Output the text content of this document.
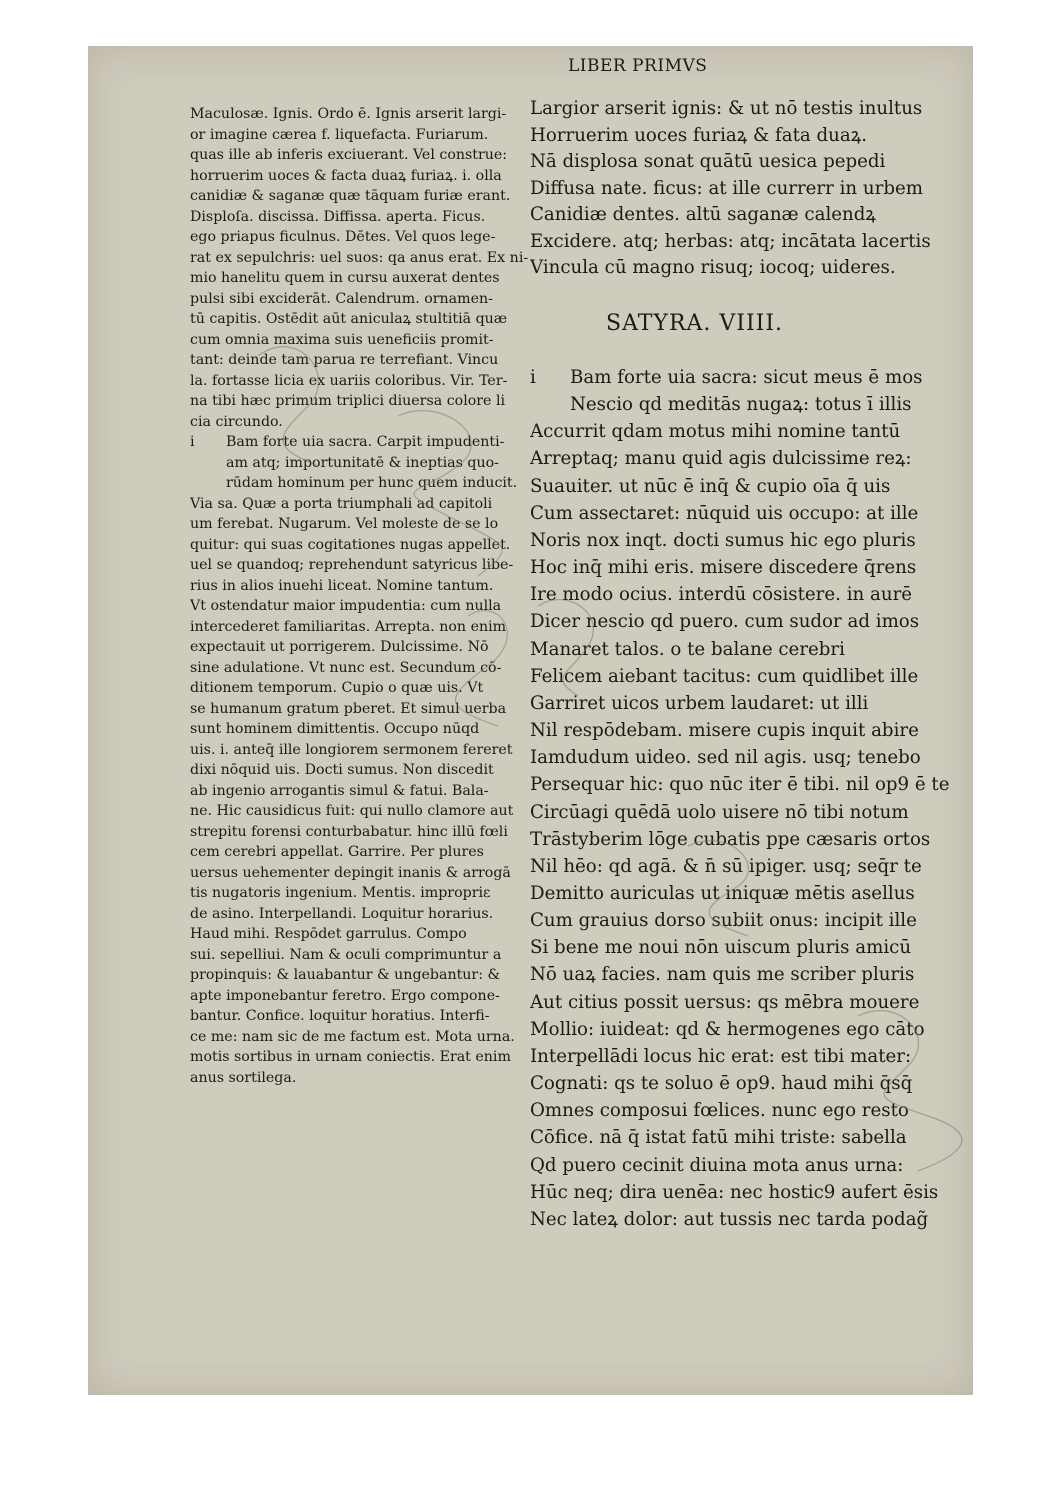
LIBER PRIMVS
Maculosæ. Ignis. Ordo ē. Ignis arserit largi-
or imagine cærea f. liquefacta. Furiarum.
quas ille ab inferis exciuerant. Vel construe:
horruerim uoces & facta duaꝝ furiaꝝ. i. olla
canidiæ & saganæ quæ tāquam furiæ erant.
Disploſa. discissa. Diffissa. aperta. Ficus.
ego priapus ficulnus. Dētes. Vel quos lege-
rat ex sepulchris: uel suos: qa anus erat. Ex ni-
mio hanelitu quem in cursu auxerat dentes
pulsi sibi exciderāt. Calendrum. ornamen-
tū capitis. Ostēdit aūt aniculaꝝ stultitiā quæ
cum omnia maxima suis ueneficiis promit-
tant: deinde tam parua re terrefiant. Vincu
la. fortasse licia ex uariis coloribus. Vir. Ter-
na tibi hæc primum triplici diuersa colore li
cia circundo.
i Bam forte uia sacra. Carpit impudenti-
am atq; importunitatē & ineptias quo-
rūdam hominum per hunc quem inducit.
Via sa. Quæ a porta triumphali ad capitoli
um ferebat. Nugarum. Vel moleste de se lo
quitur: qui suas cogitationes nugas appellet.
uel se quandoq; reprehendunt satyricus libe-
rius in alios inuehi liceat. Nomine tantum.
Vt ostendatur maior impudentia: cum nulla
intercederet familiaritas. Arrepta. non enim
expectauit ut porrigerem. Dulcissime. Nō
sine adulatione. Vt nunc est. Secundum cō-
ditionem temporum. Cupio o quæ uis. Vt
se humanum gratum pberet. Et simul uerba
sunt hominem dimittentis. Occupo nūqd
uis. i. anteq̄ ille longiorem sermonem fereret
dixi nōquid uis. Docti sumus. Non discedit
ab ingenio arrogantis simul & fatui. Bala-
ne. Hic causidicus fuit: qui nullo clamore aut
strepitu forensi conturbabatur. hinc illū fœli
cem cerebri appellat. Garrire. Per plures
uersus uehementer depingit inanis & arrogā
tis nugatoris ingenium. Mentis. impropriε
de asino. Interpellandi. Loquitur horarius.
Haud mihi. Respōdet garrulus. Compo
sui. sepelliui. Nam & oculi comprimuntur a
propinquis: & lauabantur & ungebantur: &
apte imponebantur feretro. Ergo compone-
bantur. Confice. loquitur horatius. Interfi-
ce me: nam sic de me factum est. Mota urna.
motis sortibus in urnam coniectis. Erat enim
anus sortilega.
Largior arserit ignis: & ut nō testis inultus
Horruerim uoces furiaꝝ & fata duaꝝ.
Nā displosa sonat quātū uesica pepedi
Diffusa nate. ficus: at ille currerr in urbem
Canidiæ dentes. altū saganæ calendꝝ
Excidere. atq; herbas: atq; incātata lacertis
Vincula cū magno risuq; iocoq; uideres.
SATYRA. VIIII.
i Bam forte uia sacra: sicut meus ē mos
Nescio qd meditās nugaꝝ: totus ī illis
Accurrit qdam motus mihi nomine tantū
Arreptaq; manu quid agis dulcissime reꝝ:
Suauiter. ut nūc ē inq̄ & cupio oīa q̄ uis
Cum assectaret: nūquid uis occupo: at ille
Noris nox inqt. docti sumus hic ego pluris
Hoc inq̄ mihi eris. misere discedere q̄rens
Ire modo ocius. interdū cōsistere. in aurē
Dicer nescio qd puero. cum sudor ad imos
Manaret talos. o te balane cerebri
Felicem aiebant tacitus: cum quidlibet ille
Garriret uicos urbem laudaret: ut illi
Nil respōdebam. misere cupis inquit abire
Iamdudum uideo. sed nil agis. usq; tenebo
Persequar hic: quo nūc iter ē tibi. nil op9 ē te
Circūagi quēdā uolo uisere nō tibi notum
Trāstyberim lōge cubatis ppe cæsaris ortos
Nil hēo: qd agā. & n̄ sū ipiger. usq; seq̄r te
Demitto auriculas ut iniquæ mētis asellus
Cum grauius dorso subiit onus: incipit ille
Si bene me noui nōn uiscum pluris amicū
Nō uaꝝ facies. nam quis me scriber pluris
Aut citius possit uersus: qs mēbra mouere
Mollio: iuideat: qd & hermogenes ego cāto
Interpellādi locus hic erat: est tibi mater:
Cognati: qs te soluo ē op9. haud mihi q̄sq̄
Omnes composui fœlices. nunc ego resto
Cōfice. nā q̄ istat fatū mihi triste: sabella
Qd puero cecinit diuina mota anus urna:
Hūc neq; dira uenēa: nec hostic9 aufert ēsis
Nec lateꝝ dolor: aut tussis nec tarda podag̃
